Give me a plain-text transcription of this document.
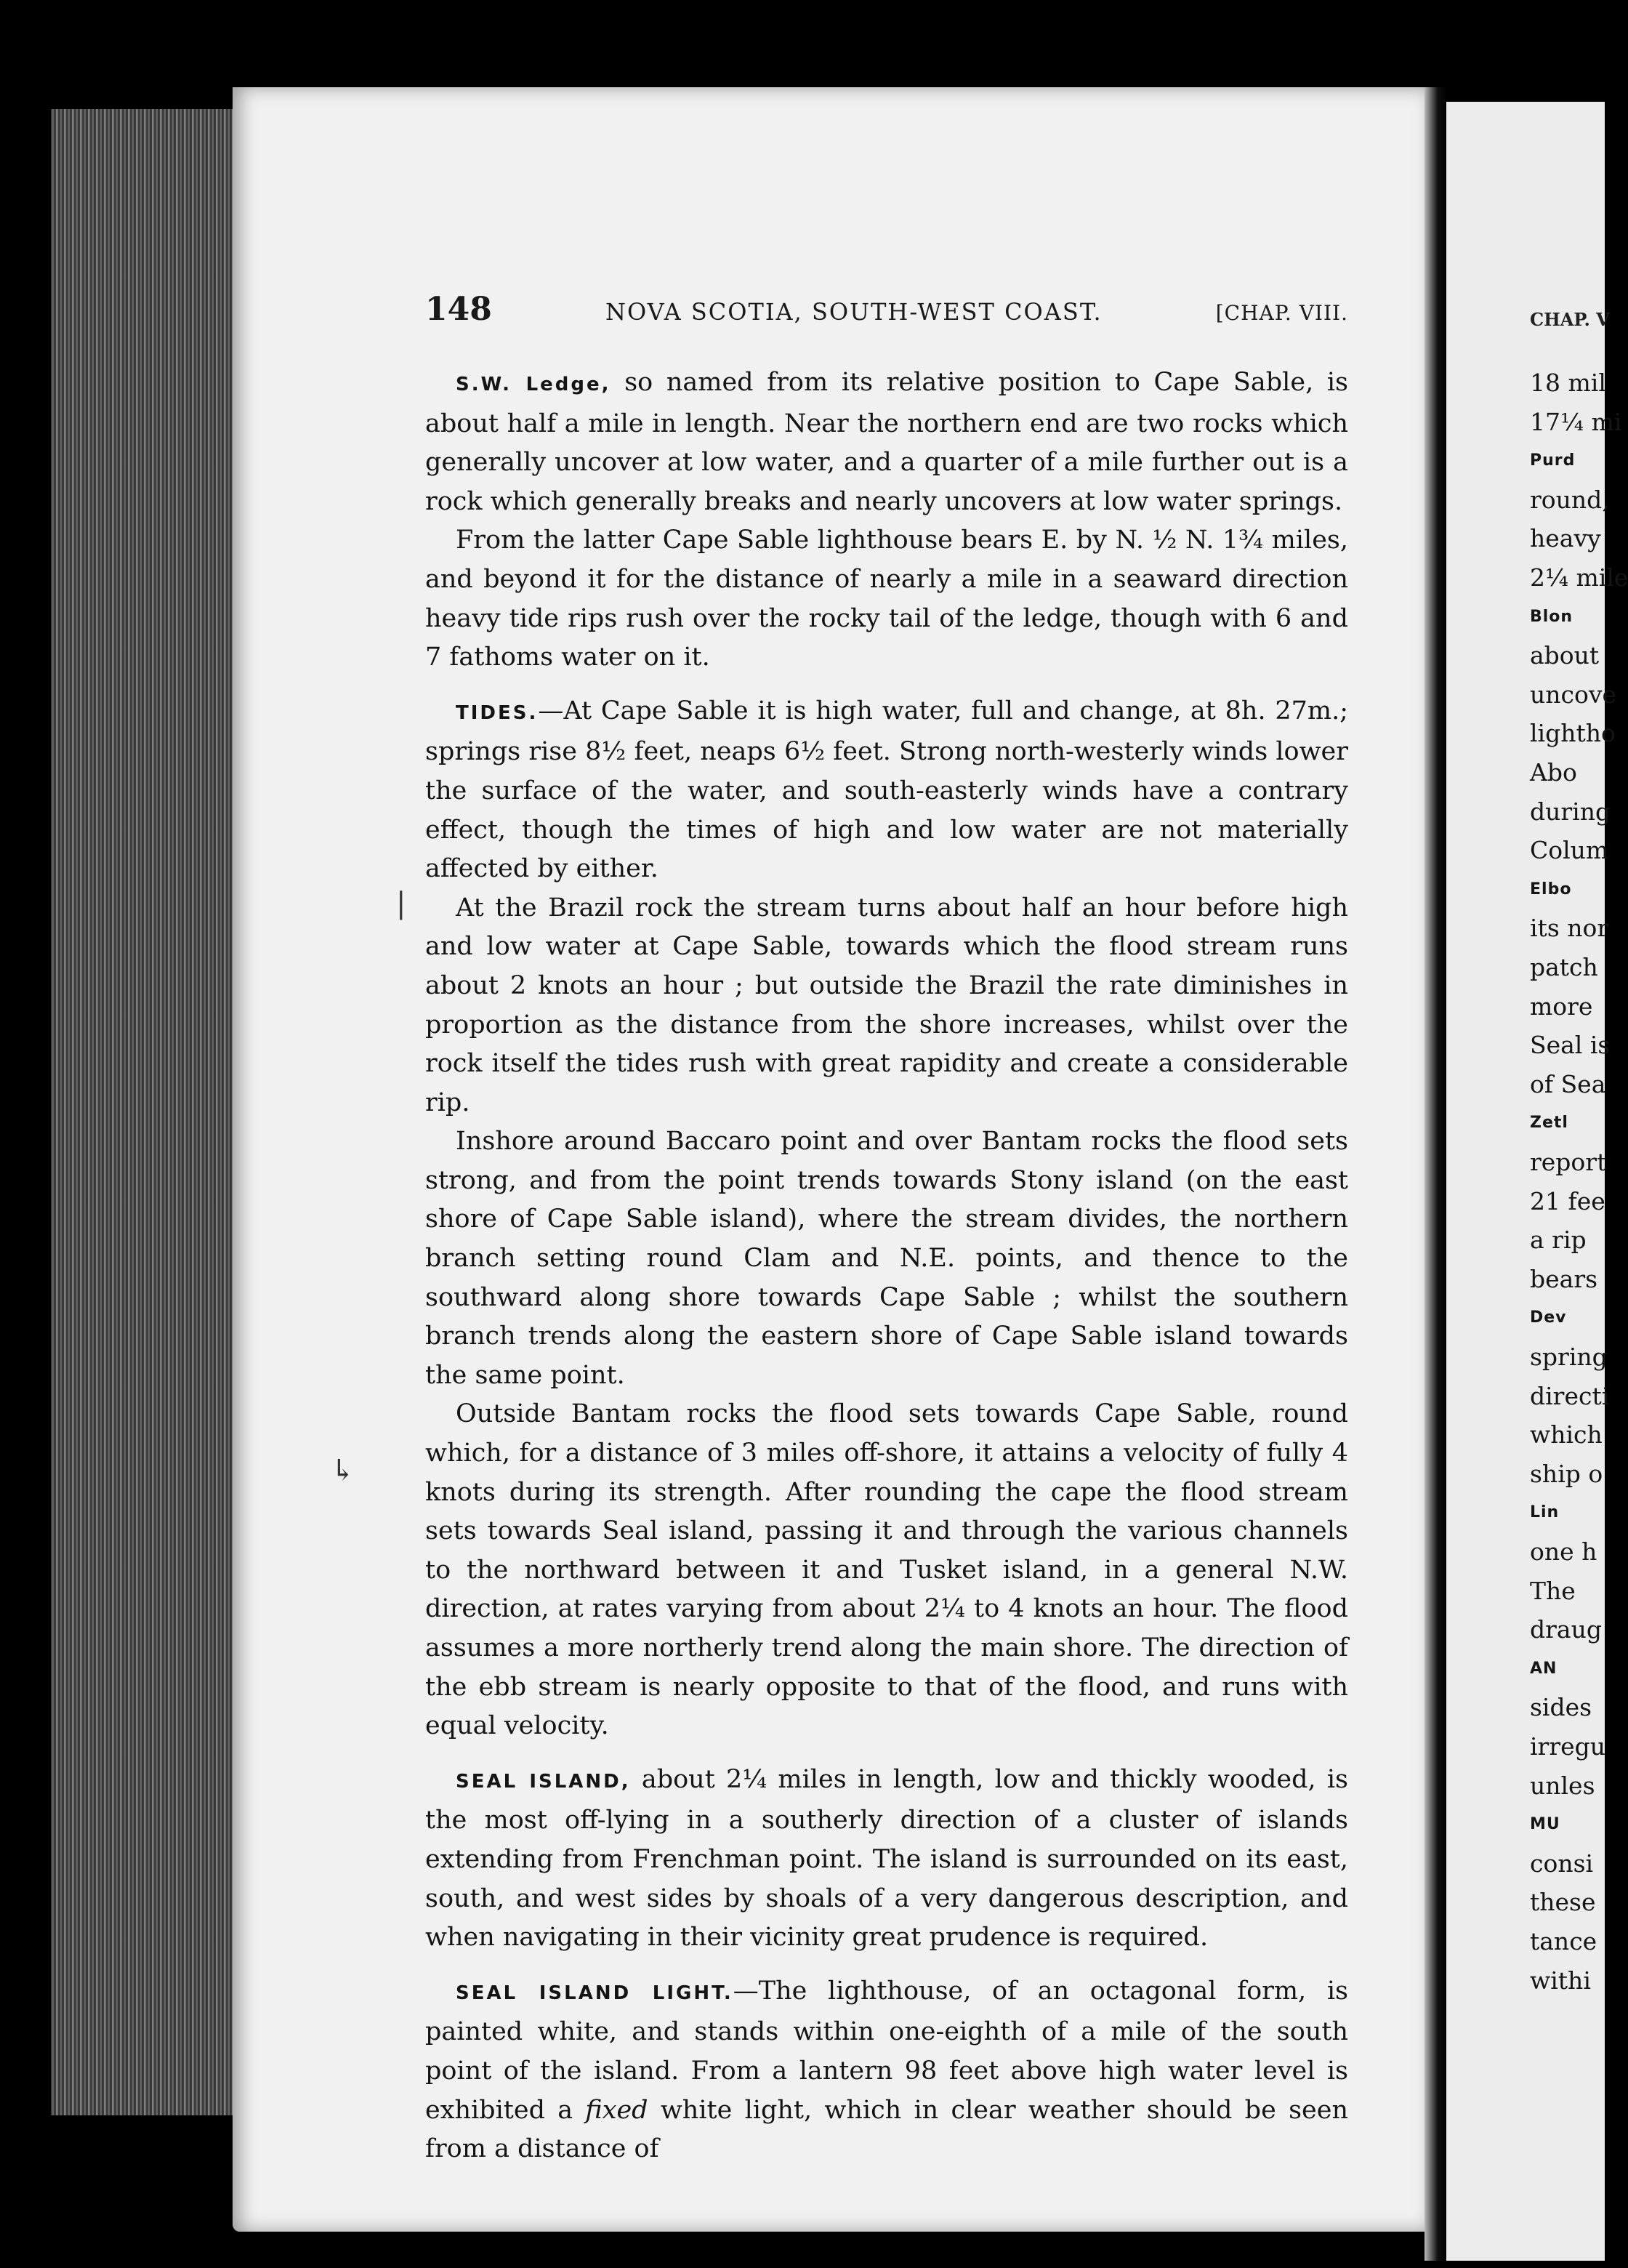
148	NOVA SCOTIA, SOUTH-WEST COAST.	[CHAP. VIII.

S.W. Ledge, so named from its relative position to Cape Sable, is about half a mile in length. Near the northern end are two rocks which generally uncover at low water, and a quarter of a mile further out is a rock which generally breaks and nearly uncovers at low water springs.

From the latter Cape Sable lighthouse bears E. by N. ½ N. 1¾ miles, and beyond it for the distance of nearly a mile in a seaward direction heavy tide rips rush over the rocky tail of the ledge, though with 6 and 7 fathoms water on it.

TIDES.—At Cape Sable it is high water, full and change, at 8h. 27m.; springs rise 8½ feet, neaps 6½ feet. Strong north-westerly winds lower the surface of the water, and south-easterly winds have a contrary effect, though the times of high and low water are not materially affected by either.

At the Brazil rock the stream turns about half an hour before high and low water at Cape Sable, towards which the flood stream runs about 2 knots an hour ; but outside the Brazil the rate diminishes in proportion as the distance from the shore increases, whilst over the rock itself the tides rush with great rapidity and create a considerable rip.

Inshore around Baccaro point and over Bantam rocks the flood sets strong, and from the point trends towards Stony island (on the east shore of Cape Sable island), where the stream divides, the northern branch setting round Clam and N.E. points, and thence to the southward along shore towards Cape Sable ; whilst the southern branch trends along the eastern shore of Cape Sable island towards the same point.

Outside Bantam rocks the flood sets towards Cape Sable, round which, for a distance of 3 miles off-shore, it attains a velocity of fully 4 knots during its strength. After rounding the cape the flood stream sets towards Seal island, passing it and through the various channels to the northward between it and Tusket island, in a general N.W. direction, at rates varying from about 2¼ to 4 knots an hour. The flood assumes a more northerly trend along the main shore. The direction of the ebb stream is nearly opposite to that of the flood, and runs with equal velocity.

SEAL ISLAND, about 2¼ miles in length, low and thickly wooded, is the most off-lying in a southerly direction of a cluster of islands extending from Frenchman point. The island is surrounded on its east, south, and west sides by shoals of a very dangerous description, and when navigating in their vicinity great prudence is required.

SEAL ISLAND LIGHT.—The lighthouse, of an octagonal form, is painted white, and stands within one-eighth of a mile of the south point of the island. From a lantern 98 feet above high water level is exhibited a fixed white light, which in clear weather should be seen from a distance of

CHAP. V
18 mil
17¼ mi
Purd
round,
heavy
2¼ mile
Blon
about
uncove
lightho
Abo
during
Colum
Elbo
its nor
patch
more
Seal is
of Sea
Zetl
report
21 fee
a rip
bears
Dev
spring
directi
which
ship o
Lin
one h
The
draug
AN
sides
irregu
unles
MU
consi
these
tance
withi
|
↳
